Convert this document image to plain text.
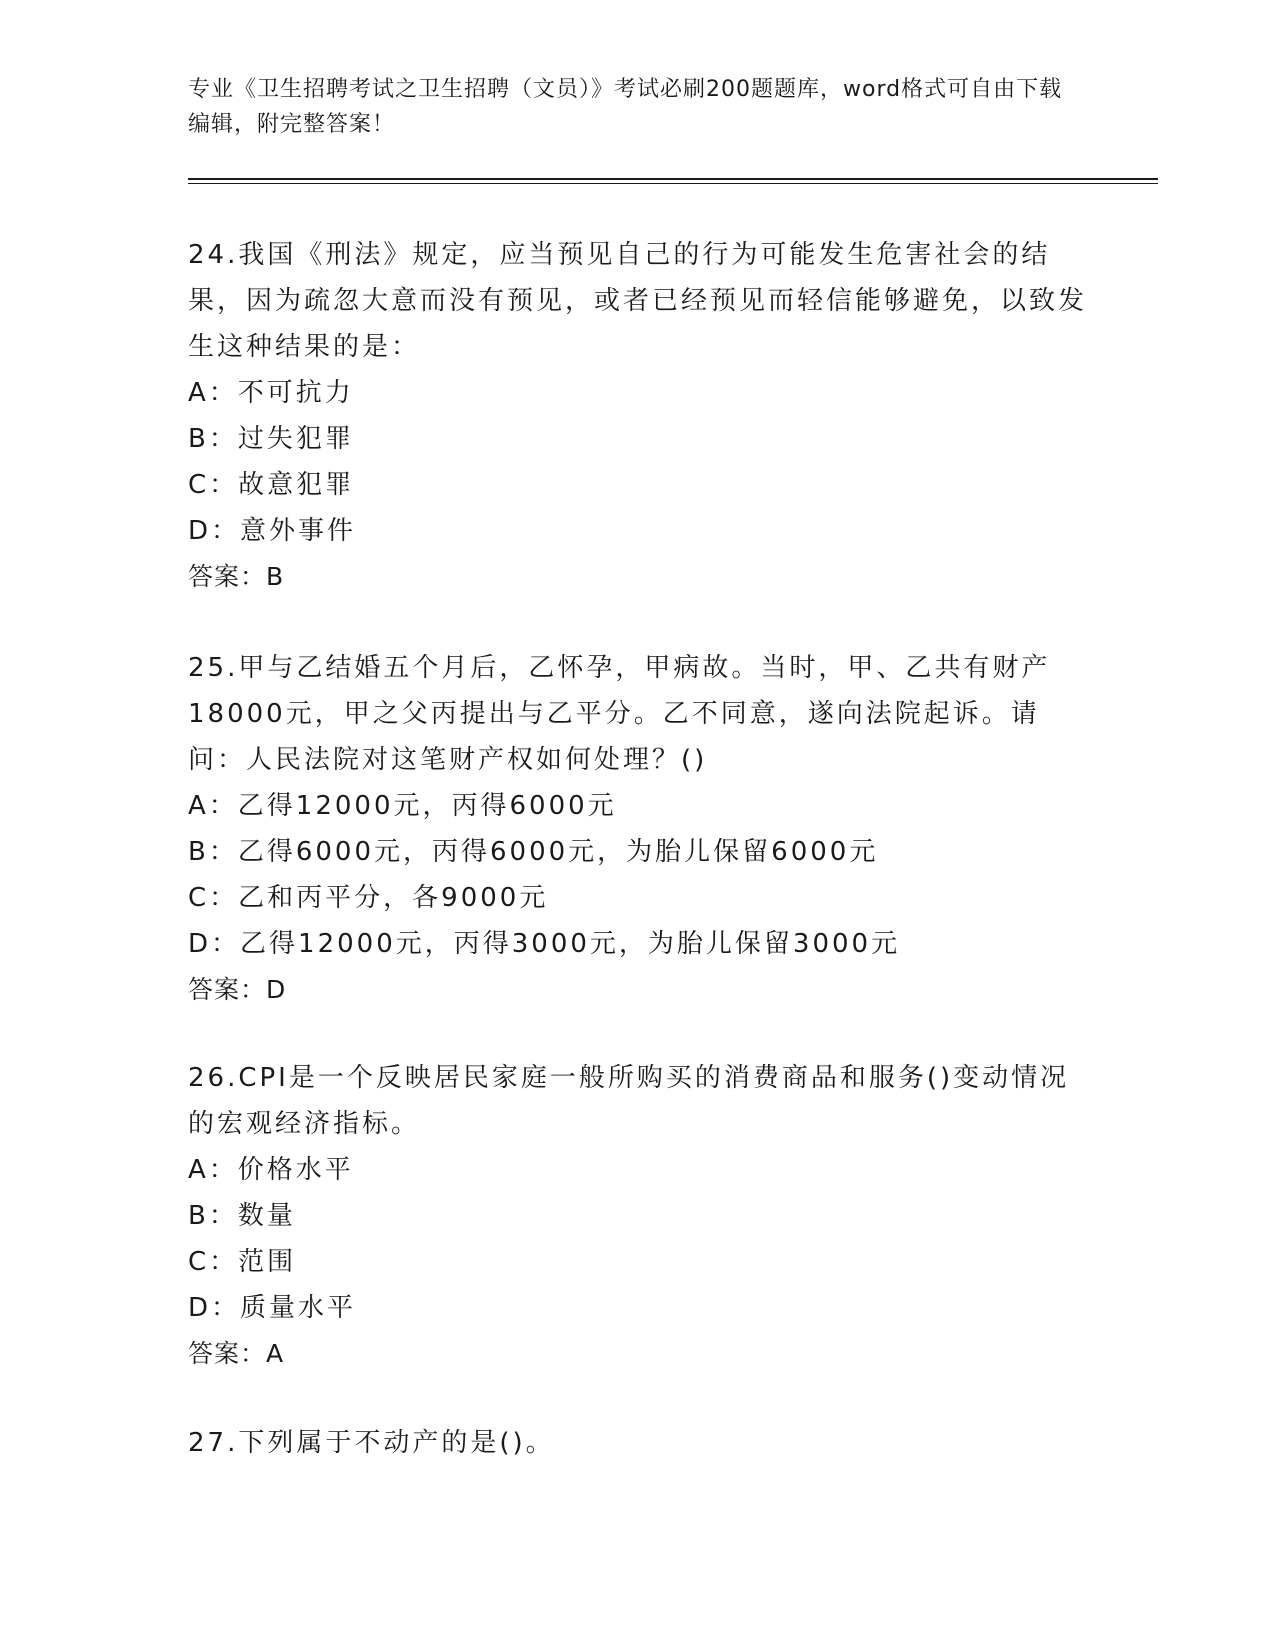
专业《卫生招聘考试之卫生招聘（文员）》考试必刷200题题库，word格式可自由下载编辑，附完整答案！

24.我国《刑法》规定，应当预见自己的行为可能发生危害社会的结果，因为疏忽大意而没有预见，或者已经预见而轻信能够避免，以致发生这种结果的是：

A：不可抗力

B：过失犯罪

C：故意犯罪

D：意外事件

答案：B

25.甲与乙结婚五个月后，乙怀孕，甲病故。当时，甲、乙共有财产18000元，甲之父丙提出与乙平分。乙不同意，遂向法院起诉。请问：人民法院对这笔财产权如何处理？()

A：乙得12000元，丙得6000元

B：乙得6000元，丙得6000元，为胎儿保留6000元

C：乙和丙平分，各9000元

D：乙得12000元，丙得3000元，为胎儿保留3000元

答案：D

26.CPI是一个反映居民家庭一般所购买的消费商品和服务()变动情况的宏观经济指标。

A：价格水平

B：数量

C：范围

D：质量水平

答案：A

27.下列属于不动产的是()。
